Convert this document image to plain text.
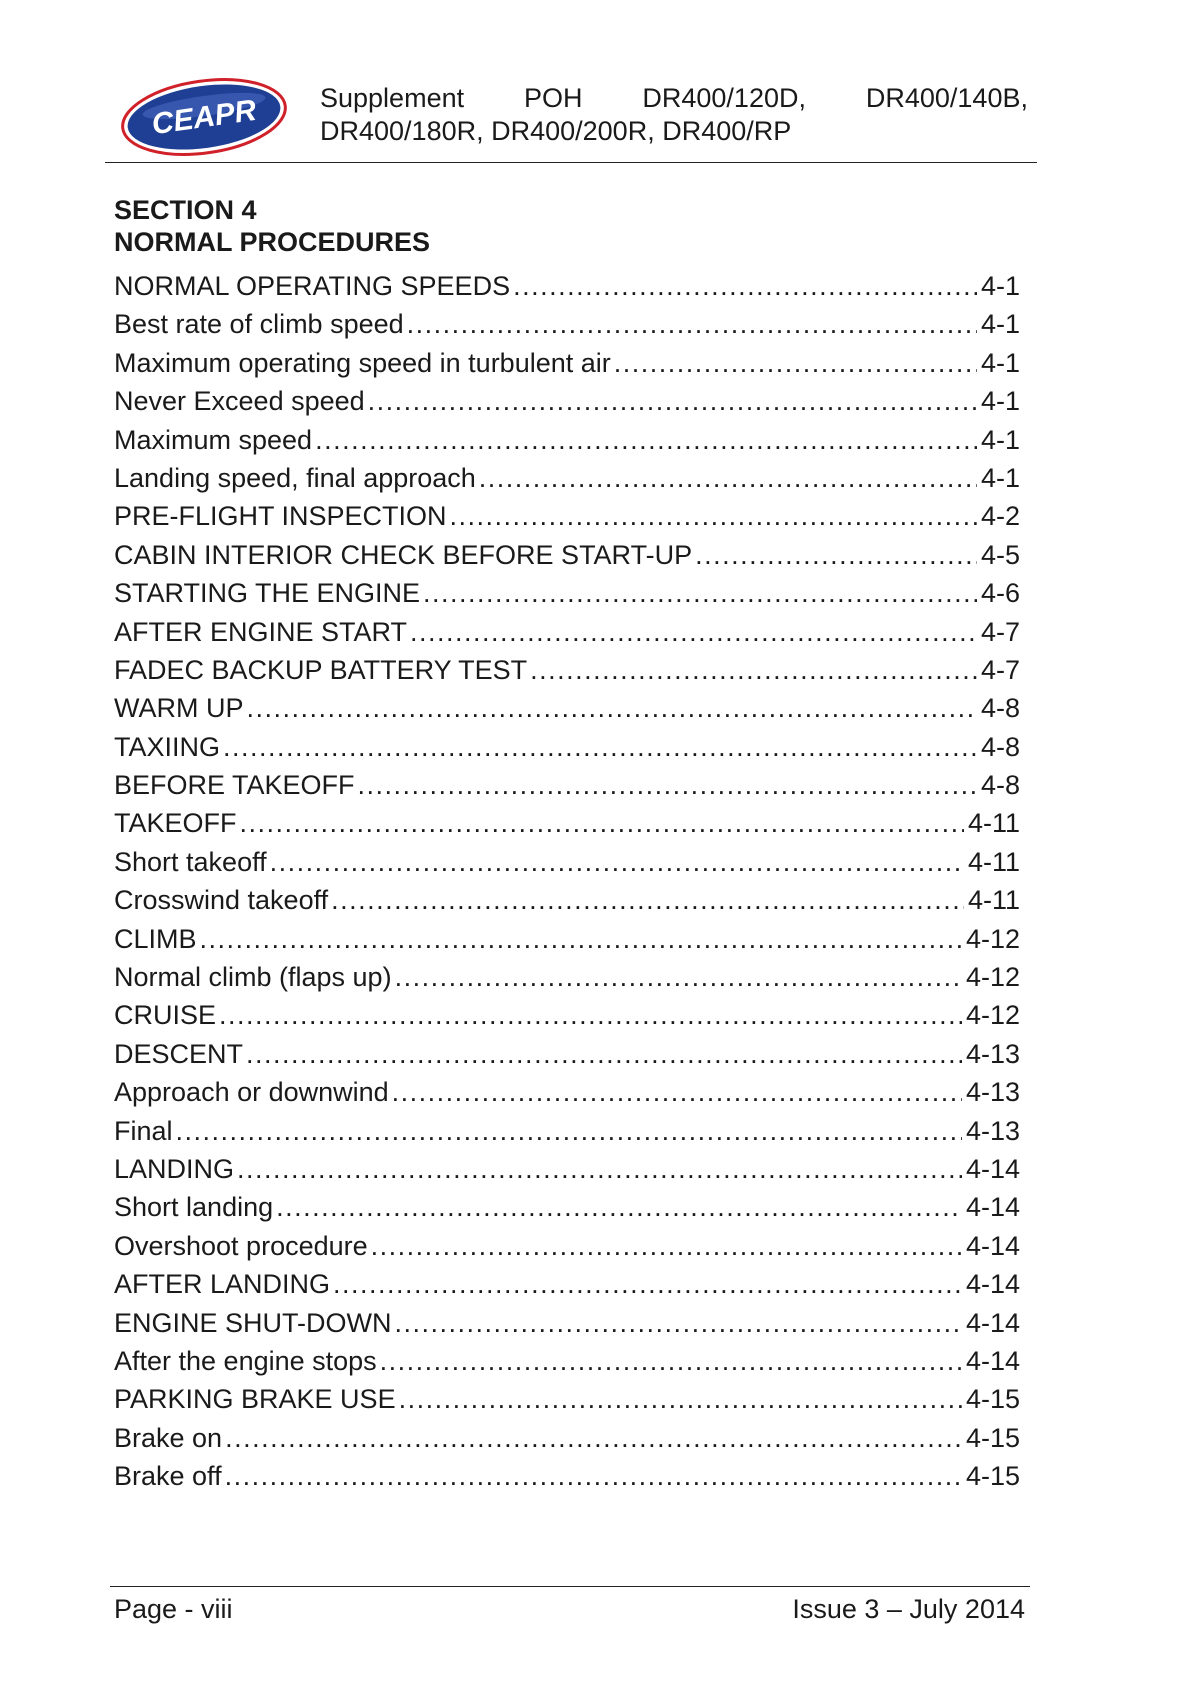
CEAPR Supplement POH DR400/120D, DR400/140B,
DR400/180R, DR400/200R, DR400/RP
SECTION 4
NORMAL PROCEDURES
NORMAL OPERATING SPEEDS .....	4-1
Best rate of climb speed .....	4-1
Maximum operating speed in turbulent air .....	4-1
Never Exceed speed .....	4-1
Maximum speed .....	4-1
Landing speed, final approach .....	4-1
PRE-FLIGHT INSPECTION .....	4-2
CABIN INTERIOR CHECK BEFORE START-UP .....	4-5
STARTING THE ENGINE .....	4-6
AFTER ENGINE START .....	4-7
FADEC BACKUP BATTERY TEST .....	4-7
WARM UP .....	4-8
TAXIING .....	4-8
BEFORE TAKEOFF .....	4-8
TAKEOFF .....	4-11
Short takeoff .....	4-11
Crosswind takeoff .....	4-11
CLIMB .....	4-12
Normal climb (flaps up) .....	4-12
CRUISE .....	4-12
DESCENT .....	4-13
Approach or downwind .....	4-13
Final .....	4-13
LANDING .....	4-14
Short landing .....	4-14
Overshoot procedure .....	4-14
AFTER LANDING .....	4-14
ENGINE SHUT-DOWN .....	4-14
After the engine stops .....	4-14
PARKING BRAKE USE .....	4-15
Brake on .....	4-15
Brake off .....	4-15
Page - viii	Issue 3 – July 2014
